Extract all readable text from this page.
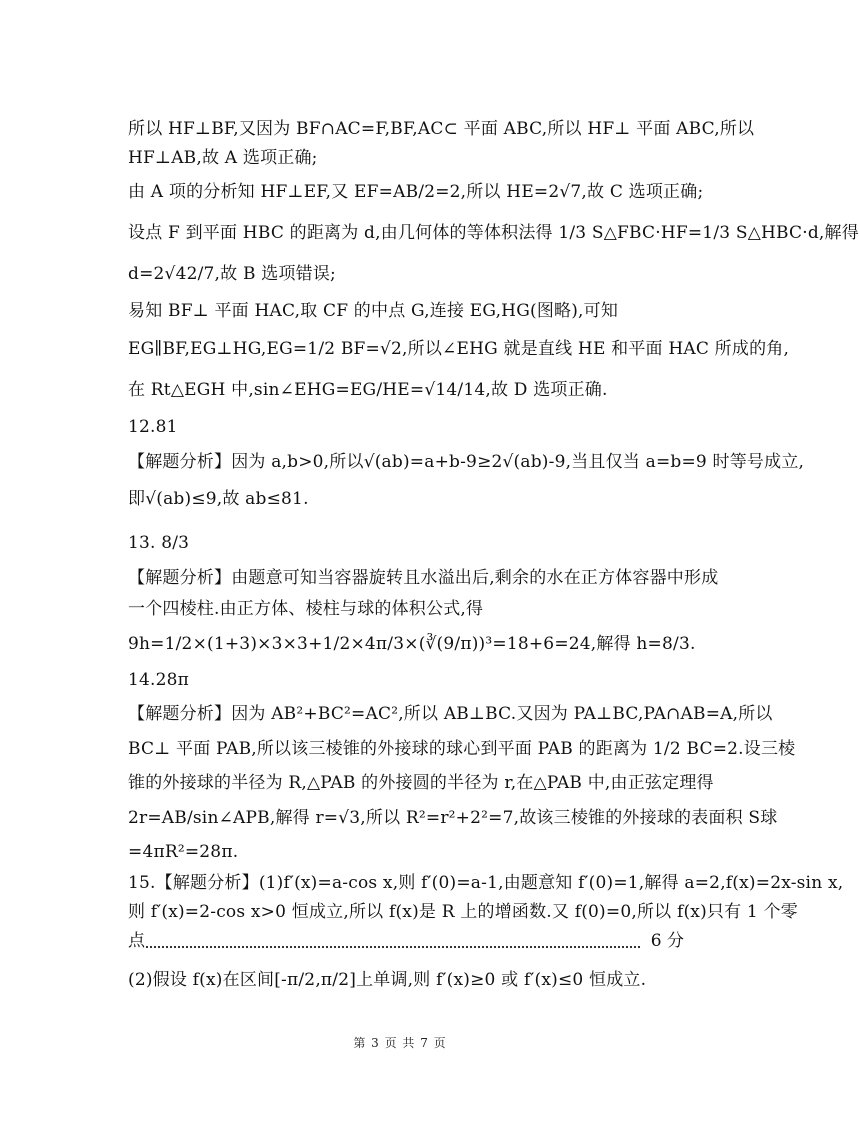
所以 HF⊥BF,又因为 BF∩AC=F,BF,AC⊂ 平面 ABC,所以 HF⊥ 平面 ABC,所以
HF⊥AB,故 A 选项正确;
由 A 项的分析知 HF⊥EF,又 EF=AB/2=2,所以 HE=2√7,故 C 选项正确;
设点 F 到平面 HBC 的距离为 d,由几何体的等体积法得 1/3 S△FBC·HF=1/3 S△HBC·d,解得
d=2√42/7,故 B 选项错误;
易知 BF⊥ 平面 HAC,取 CF 的中点 G,连接 EG,HG(图略),可知
EG∥BF,EG⊥HG,EG=1/2 BF=√2,所以∠EHG 就是直线 HE 和平面 HAC 所成的角,
在 Rt△EGH 中,sin∠EHG=EG/HE=√14/14,故 D 选项正确.
12.81
【解题分析】因为 a,b>0,所以√(ab)=a+b-9≥2√(ab)-9,当且仅当 a=b=9 时等号成立,
即√(ab)≤9,故 ab≤81.
13. 8/3
【解题分析】由题意可知当容器旋转且水溢出后,剩余的水在正方体容器中形成
一个四棱柱.由正方体、棱柱与球的体积公式,得
9h=1/2×(1+3)×3×3+1/2×4π/3×(∛(9/π))³=18+6=24,解得 h=8/3.
14.28π
【解题分析】因为 AB²+BC²=AC²,所以 AB⊥BC.又因为 PA⊥BC,PA∩AB=A,所以
BC⊥ 平面 PAB,所以该三棱锥的外接球的球心到平面 PAB 的距离为 1/2 BC=2.设三棱
锥的外接球的半径为 R,△PAB 的外接圆的半径为 r,在△PAB 中,由正弦定理得
2r=AB/sin∠APB,解得 r=√3,所以 R²=r²+2²=7,故该三棱锥的外接球的表面积 S球
=4πR²=28π.
15.【解题分析】(1)f′(x)=a-cos x,则 f′(0)=a-1,由题意知 f′(0)=1,解得 a=2,f(x)=2x-sin x,
则 f′(x)=2-cos x>0 恒成立,所以 f(x)是 R 上的增函数.又 f(0)=0,所以 f(x)只有 1 个零
点	6 分
(2)假设 f(x)在区间[-π/2,π/2]上单调,则 f′(x)≥0 或 f′(x)≤0 恒成立.
第 3 页 共 7 页
